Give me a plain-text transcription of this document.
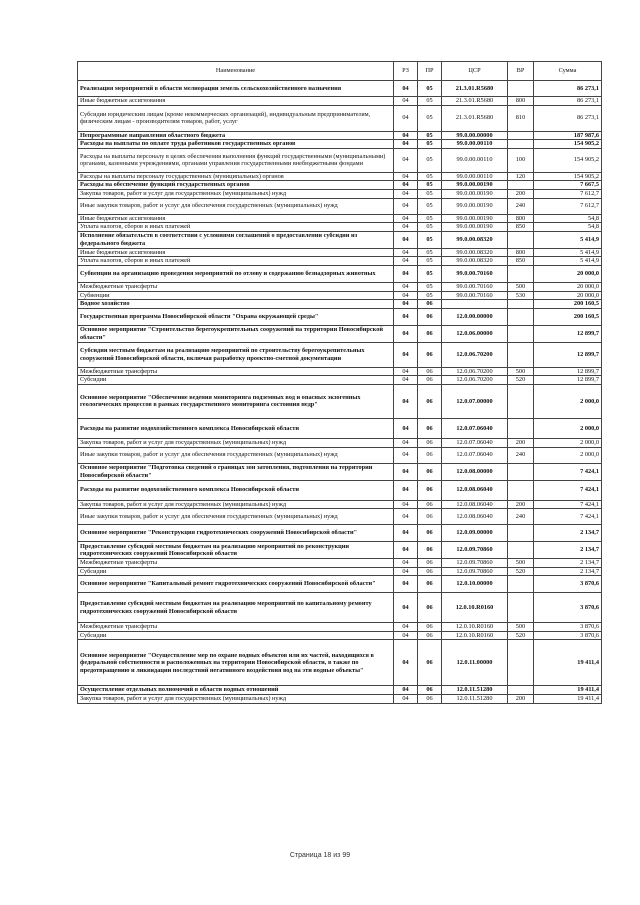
Наименование	РЗ	ПР	ЦСР	ВР	Сумма
Реализация мероприятий в области мелиорации земель сельскохозяйственного назначения	04	05	21.3.01.R5680		86 273,1
Иные бюджетные ассигнования	04	05	21.3.01.R5680	800	86 273,1
Субсидии юридическим лицам (кроме некоммерческих организаций), индивидуальным предпринимателям, физическим лицам - производителям товаров, работ, услуг	04	05	21.3.01.R5680	810	86 273,1
Непрограммные направления областного бюджета	04	05	99.0.00.00000		187 987,6
Расходы на выплаты по оплате труда работников государственных органов	04	05	99.0.00.00110		154 905,2
Расходы на выплаты персоналу в целях обеспечения выполнения функций государственными (муниципальными) органами, казенными учреждениями, органами управления государственными внебюджетными фондами	04	05	99.0.00.00110	100	154 905,2
Расходы на выплаты персоналу государственных (муниципальных) органов	04	05	99.0.00.00110	120	154 905,2
Расходы на обеспечение функций государственных органов	04	05	99.0.00.00190		7 667,5
Закупка товаров, работ и услуг для государственных (муниципальных) нужд	04	05	99.0.00.00190	200	7 612,7
Иные закупки товаров, работ и услуг для обеспечения государственных (муниципальных) нужд	04	05	99.0.00.00190	240	7 612,7
Иные бюджетные ассигнования	04	05	99.0.00.00190	800	54,8
Уплата налогов, сборов и иных платежей	04	05	99.0.00.00190	850	54,8
Исполнение обязательств в соответствии с условиями соглашений о предоставлении субсидии из федерального бюджета	04	05	99.0.00.08320		5 414,9
Иные бюджетные ассигнования	04	05	99.0.00.08320	800	5 414,9
Уплата налогов, сборов и иных платежей	04	05	99.0.00.08320	850	5 414,9
Субвенции на организацию проведения мероприятий по отлову и содержанию безнадзорных животных	04	05	99.0.00.70160		20 000,0
Межбюджетные трансферты	04	05	99.0.00.70160	500	20 000,0
Субвенции	04	05	99.0.00.70160	530	20 000,0
Водное хозяйство	04	06			200 160,5
Государственная программа Новосибирской области "Охрана окружающей среды"	04	06	12.0.00.00000		200 160,5
Основное мероприятие "Строительство берегоукрепительных сооружений на территории Новосибирской области"	04	06	12.0.06.00000		12 899,7
Субсидии местным бюджетам на реализацию мероприятий по строительству берегоукрепительных сооружений Новосибирской области, включая разработку проектно-сметной документации	04	06	12.0.06.70200		12 899,7
Межбюджетные трансферты	04	06	12.0.06.70200	500	12 899,7
Субсидии	04	06	12.0.06.70200	520	12 899,7
Основное мероприятие "Обеспечение ведения мониторинга подземных вод и опасных экзогенных геологических процессов в рамках государственного мониторинга состояния недр"	04	06	12.0.07.00000		2 000,0
Расходы на развитие водохозяйственного комплекса Новосибирской области	04	06	12.0.07.06040		2 000,0
Закупка товаров, работ и услуг для государственных (муниципальных) нужд	04	06	12.0.07.06040	200	2 000,0
Иные закупки товаров, работ и услуг для обеспечения государственных (муниципальных) нужд	04	06	12.0.07.06040	240	2 000,0
Основное мероприятие "Подготовка сведений о границах зон затопления, подтопления на территории Новосибирской области"	04	06	12.0.08.00000		7 424,1
Расходы на развитие водохозяйственного комплекса Новосибирской области	04	06	12.0.08.06040		7 424,1
Закупка товаров, работ и услуг для государственных (муниципальных) нужд	04	06	12.0.08.06040	200	7 424,1
Иные закупки товаров, работ и услуг для обеспечения государственных (муниципальных) нужд	04	06	12.0.08.06040	240	7 424,1
Основное мероприятие "Реконструкция гидротехнических сооружений Новосибирской области"	04	06	12.0.09.00000		2 134,7
Предоставление субсидий местным бюджетам на реализацию мероприятий по реконструкции гидротехнических сооружений Новосибирской области	04	06	12.0.09.70860		2 134,7
Межбюджетные трансферты	04	06	12.0.09.70860	500	2 134,7
Субсидии	04	06	12.0.09.70860	520	2 134,7
Основное мероприятие "Капитальный ремонт гидротехнических сооружений Новосибирской области"	04	06	12.0.10.00000		3 870,6
Предоставление субсидий местным бюджетам на реализацию мероприятий по капитальному ремонту гидротехнических сооружений Новосибирской области	04	06	12.0.10.R0160		3 870,6
Межбюджетные трансферты	04	06	12.0.10.R0160	500	3 870,6
Субсидии	04	06	12.0.10.R0160	520	3 870,6
Основное мероприятие "Осуществление мер по охране водных объектов или их частей, находящихся в федеральной собственности и расположенных на территории Новосибирской области, в также по предотвращению и ликвидации последствий негативного воздействия вод на эти водные объекты"	04	06	12.0.11.00000		19 411,4
Осуществление отдельных полномочий в области водных отношений	04	06	12.0.11.51280		19 411,4
Закупка товаров, работ и услуг для государственных (муниципальных) нужд	04	06	12.0.11.51280	200	19 411,4
Страница 18 из 99
